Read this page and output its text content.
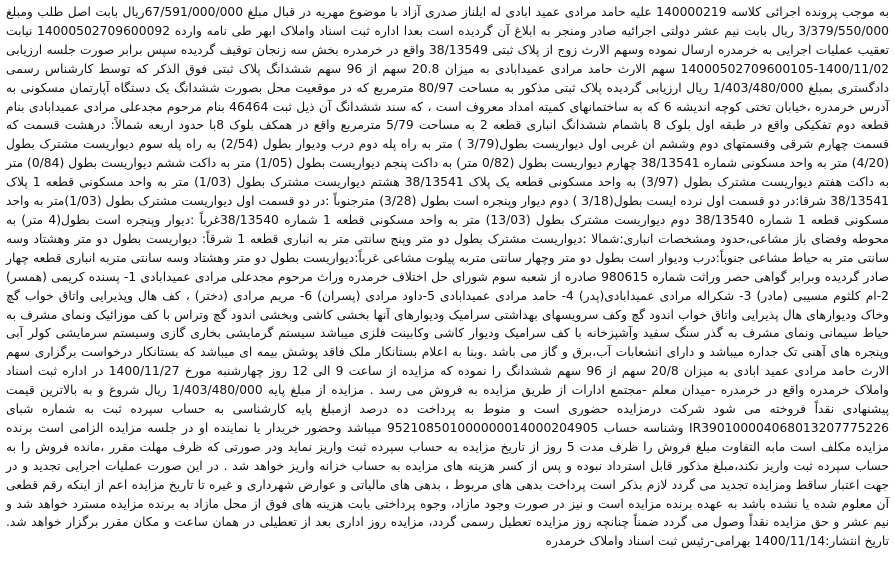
به موجب پرونده اجرائی کلاسه 140000219 علیه حامد مرادی عمید ابادی له ایلناز صدری آزاد با موضوع مهریه در قبال مبلغ 67/591/000/000ریال بابت اصل طلب ومبلغ 3/379/550/000 ریال بابت نیم عشر دولتی اجرائیه صادر ومنجر به ابلاغ آن گردیده است بعدا اداره ثبت اسناد واملاک ابهر طی نامه وارده 14000502709600092 نیابت تعقیب عملیات اجرایی به خرمدره ارسال نموده وسهم الارث زوج از پلاک ثبتی 38/13549 واقع در خرمدره بخش سه زنجان توقیف گردیده سپس برابر صورت جلسه ارزیابی 1400/11/02-14000502709600105 سهم الارث حامد مرادی عمیدابادی به میزان 20.8 سهم از 96 سهم ششدانگ پلاک ثبتی فوق الذکر که توسط کارشناس رسمی دادگستری بمبلغ 1/403/480/000 ریال ارزیابی گردیده پلاک ثبتی مذکور به مساحت 80/97 مترمربع که در موقعیت محل بصورت ششدانگ یک دستگاه آپارتمان مسکونی به آدرس خرمدره ،خیابان تختی کوچه اندیشه 6 که به ساختمانهای کمیته امداد معروف است ، که سند ششدانگ آن ذیل ثبت 46464 بنام مرحوم مجدعلی مرادی عمیدابادی بنام قطعه دوم تفکیکی واقع در طبقه اول بلوک 8 باشمام ششدانگ انباری قطعه 2 به مساحت 5/79 مترمربع واقع در همکف بلوک 8با حدود اربعه شمالاً: درهشت قسمت که قسمت چهارم شرقی وقسمتهای دوم وششم ان غربی اول دیواریست بطول(3/79 ) متر به راه پله دوم درب ودیوار بطول (2/54) به راه پله سوم دیواریست مشترک بطول (4/20) متر به واحد مسکونی شماره 38/13541 چهارم دیواریست بطول (0/82 متر) به داکت پنجم دیواریست بطول (1/05) متر به داکت ششم دیواریست بطول (0/84) متر به داکت هفتم دیواریست مشترک بطول (3/97) به واحد مسکونی قطعه یک پلاک 38/13541 هشتم دیواریست مشترک بطول (1/03) متر به واحد مسکونی قطعه 1 پلاک 38/13541 شرقا:در دو قسمت اول نرده ایست بطول(3/18 ) دوم دیوار وپنجره است بطول (3/28) مترجنوباً :در دو قسمت اول دیواریست مشترک بطول (1/03)متر به واحد مسکونی قطعه 1 شماره 38/13540 دوم دیواریست مشترک بطول (13/03) متر به واحد مسکونی قطعه 1 شماره 38/13540غرباً :دیوار وپنجره است بطول(4 متر) به محوطه وفضای باز مشاعی،حدود ومشخصات انباری:شمالا :دیواریست مشترک بطول دو متر وپنج سانتی متر به انباری قطعه 1 شرقاً: دیواریست بطول دو متر وهشتاد وسه سانتی متر به حیاط مشاعی جنوباً:درب ودیوار است بطول دو متر وچهار سانتی متربه پیلوت مشاعی غرباً:دیواریست بطول دو متر وهشتاد وسه سانتی متربه انباری قطعه چهار صادر گردیده وبرابر گواهی حصر وراثت شماره 980615 صادره از شعبه سوم شورای حل اختلاف خرمدره وراث مرحوم مجدعلی مرادی عمیدابادی 1- پسنده کریمی (همسر) 2-ام کلثوم مسیبی (مادر) 3- شکراله مرادی عمیدابادی(پدر) 4- حامد مرادی عمیدابادی 5-داود مرادی (پسران) 6- مریم مرادی (دختر) ، کف هال وپذیرایی واتاق خواب گچ وخاک ودیوارهای هال پذیرایی واتاق خواب اندود گچ وکف سرویسهای بهداشتی سرامیک ودیوارهای آنها بخشی کاشی وبخشی اندود گچ وتراس با کف موزائیک ونمای مشرف به حیاط سیمانی ونمای مشرف به گذر سنگ سفید وآشپزخانه با کف سرامیک ودیوار کاشی وکابینت فلزی میباشد سیستم گرمایشی بخاری گازی وسیستم سرمایشی کولر آبی وپنجره های آهنی تک جداره میباشد و دارای انشعابات آب،برق و گاز می باشد .وبنا به اعلام بستانکار ملک فاقد پوشش بیمه ای میباشد که بستانکار درخواست برگزاری سهم الارث حامد مرادی عمید ابادی به میزان 20/8 سهم از 96 سهم ششدانگ را نموده که مزایده از ساعت 9 الی 12 روز چهارشنبه مورخ 1400/11/27 در اداره ثبت اسناد واملاک خرمدره واقع در خرمدره -میدان معلم -مجتمع ادارات از طریق مزایده به فروش می رسد . مزایده از مبلغ پایه 1/403/480/000 ریال شروع و به بالاترین قیمت پیشنهادی نقداً فروخته می شود شرکت درمزایده حضوری است و منوط به پرداخت ده درصد ازمبلغ پایه کارشناسی به حساب سپرده ثبت به شماره شبای IR390100004068013207775226 وشناسه حساب 952108501000000014000204905 میباشد وحضور خریدار یا نماینده او در جلسه مزایده الزامی است برنده مزایده مکلف است مابه التفاوت مبلغ فروش را ظرف مدت 5 روز از تاریخ مزایده به حساب سپرده ثبت واریز نماید ودر صورتی که ظرف مهلت مقرر ،مانده فروش را به حساب سپرده ثبت واریز نکند،مبلغ مذکور قابل استرداد نبوده و پس از کسر هزینه های مزایده به حساب خزانه واریز خواهد شد . در این صورت عملیات اجرایی تجدید و در جهت اعتبار ساقط ومزایده تجدید می گردد لازم بذکر است پرداخت بدهی های مربوط ، بدهی های مالیاتی و عوارض شهرداری و غیره تا تاریخ مزایده اعم از اینکه رقم قطعی آن معلوم شده یا نشده باشد به عهده برنده مزایده است و نیز در صورت وجود مازاد، وجوه پرداختی بابت هزینه های فوق از محل مازاد به برنده مزایده مسترد خواهد شد و نیم عشر و حق مزایده نقداً وصول می گردد ضمناً چنانچه روز مزایده تعطیل رسمی گردد، مزایده روز اداری بعد از تعطیلی در همان ساعت و مکان مقرر برگزار خواهد شد. تاریخ انتشار:1400/11/14 بهرامی-رئیس ثبت اسناد واملاک خرمدره
